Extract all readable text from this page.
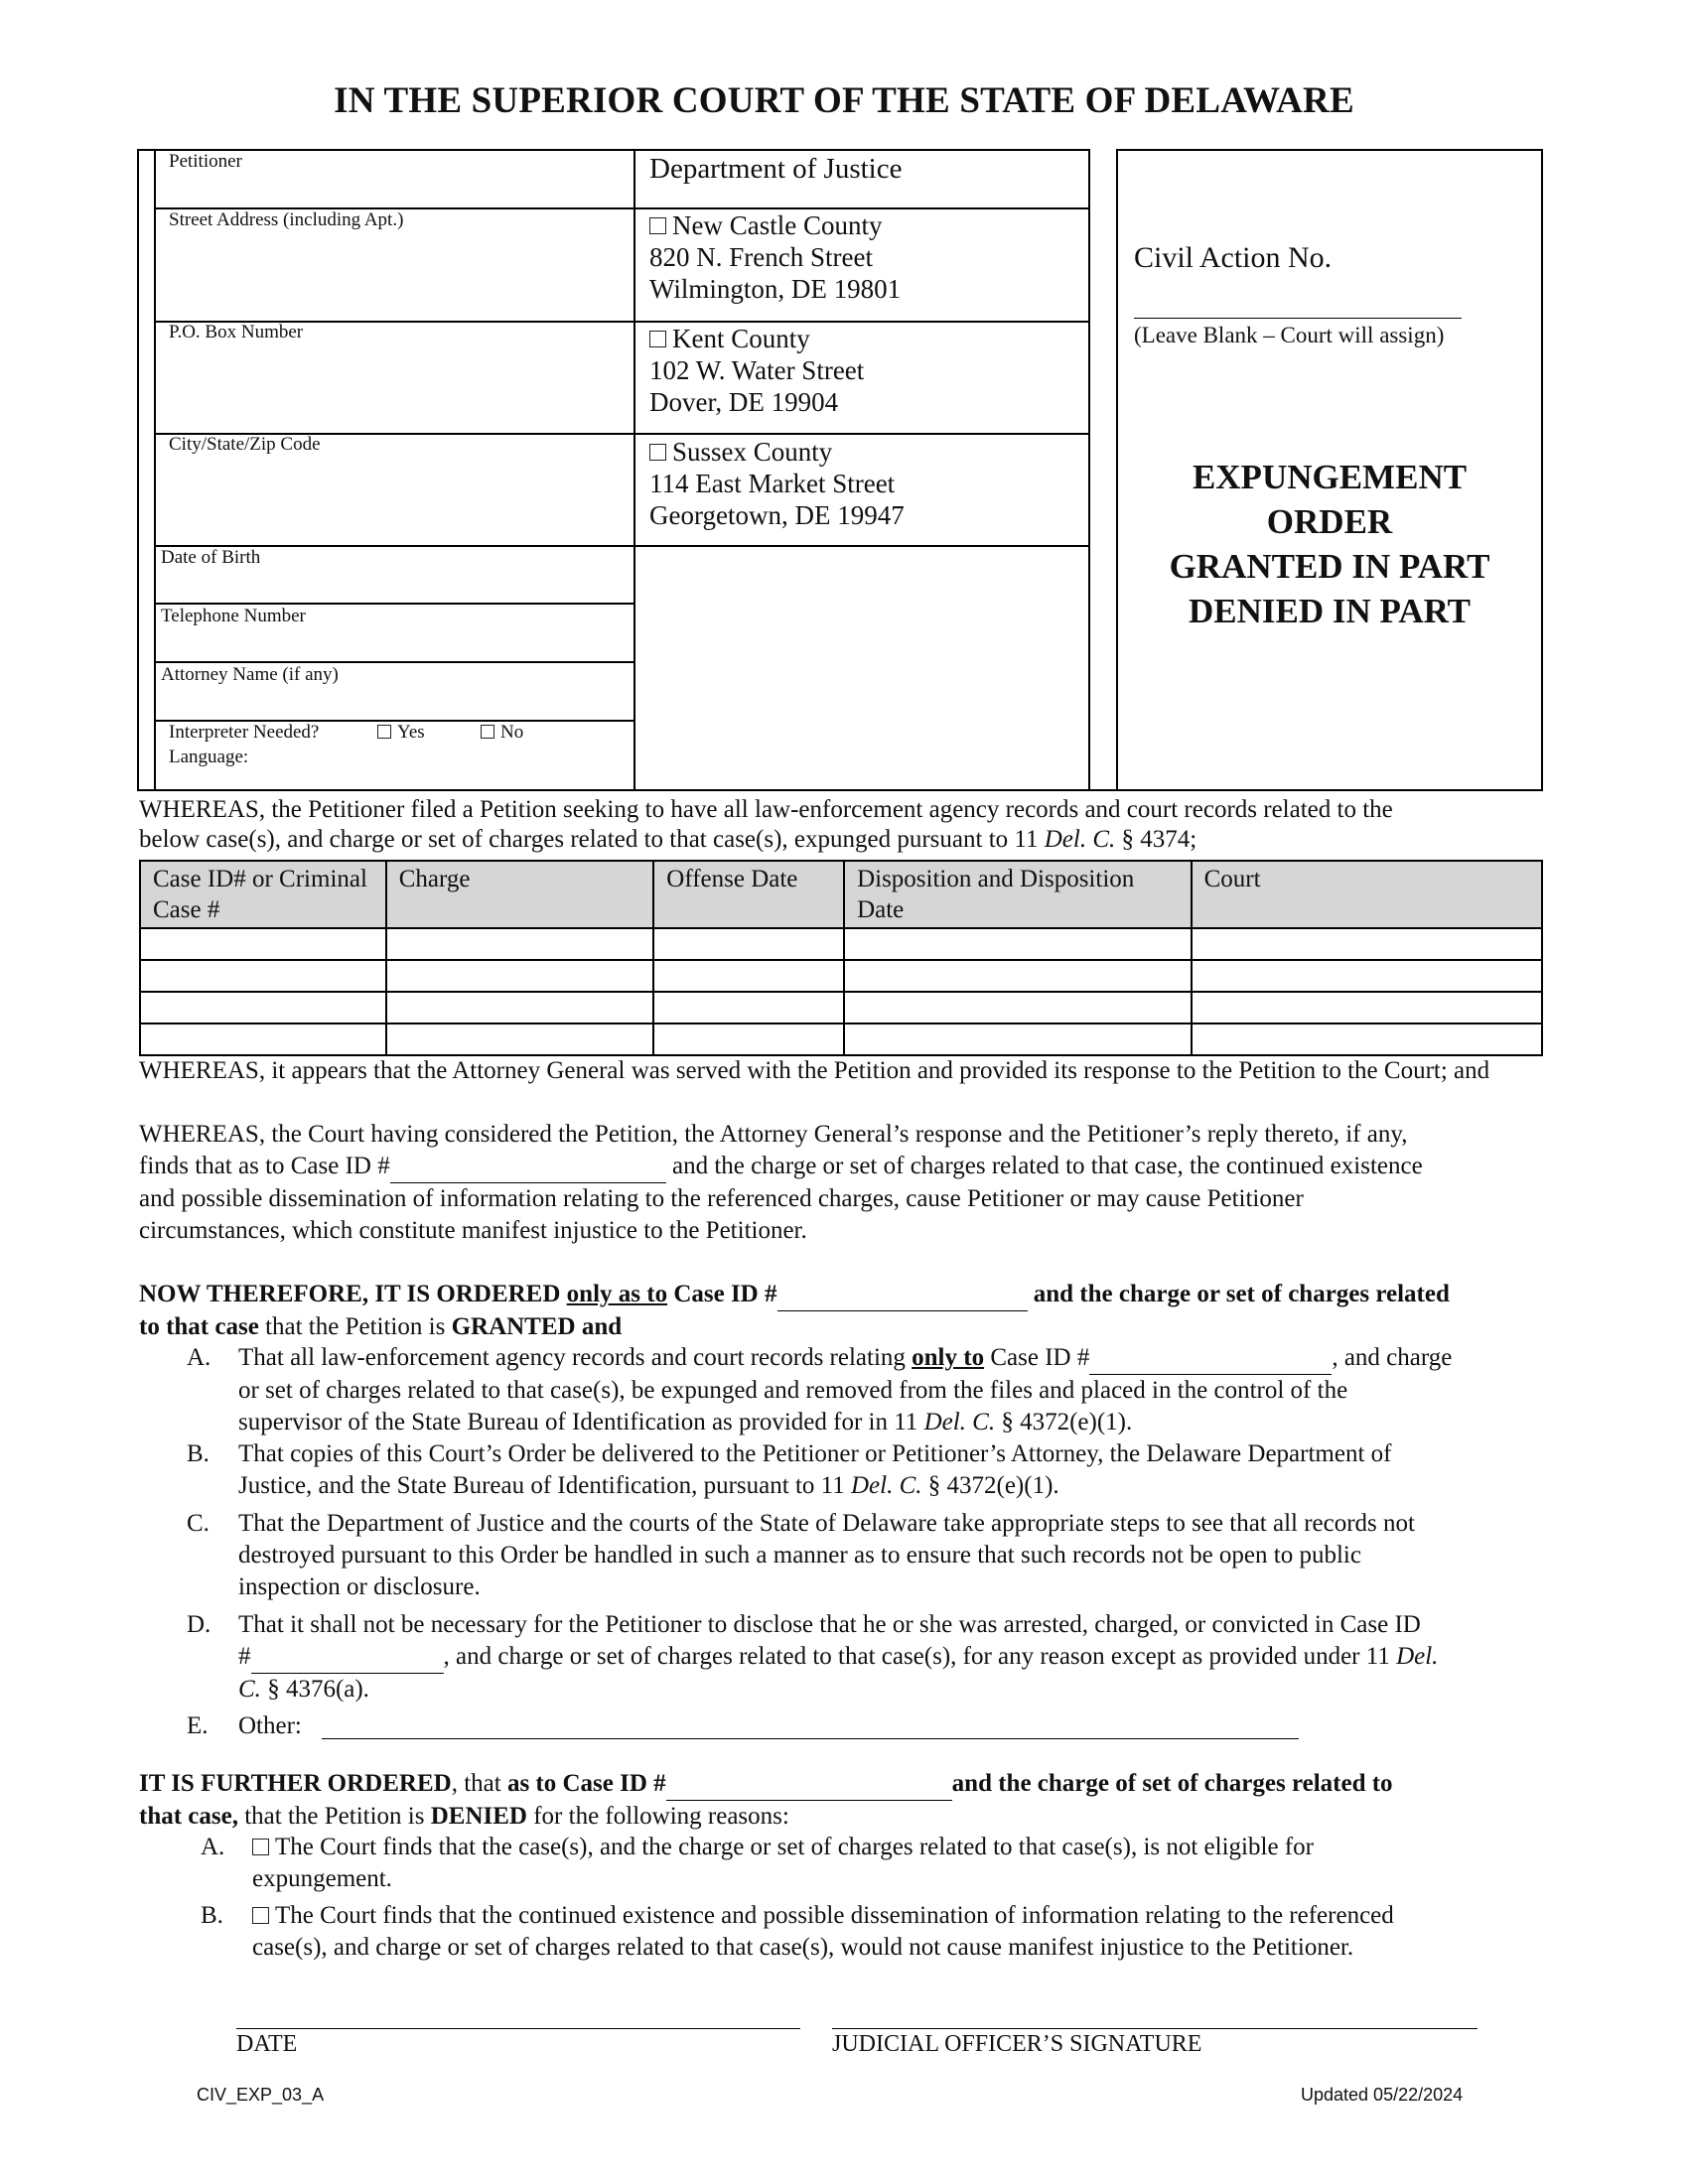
IN THE SUPERIOR COURT OF THE STATE OF DELAWARE
Petitioner
Street Address (including Apt.)
P.O. Box Number
City/State/Zip Code
Date of Birth
Telephone Number
Attorney Name (if any)
Interpreter Needed?	Yes	No
Language:
Department of Justice
New Castle County
820 N. French Street
Wilmington, DE 19801
Kent County
102 W. Water Street
Dover, DE 19904
Sussex County
114 East Market Street
Georgetown, DE 19947
Civil Action No.
(Leave Blank – Court will assign)
EXPUNGEMENT
ORDER
GRANTED IN PART
DENIED IN PART
WHEREAS, the Petitioner filed a Petition seeking to have all law-enforcement agency records and court records related to the
below case(s), and charge or set of charges related to that case(s), expunged pursuant to 11 Del. C. § 4374;
Case ID# or Criminal Case #	Charge	Offense Date	Disposition and Disposition Date	Court

WHEREAS, it appears that the Attorney General was served with the Petition and provided its response to the Petition to the Court; and
WHEREAS, the Court having considered the Petition, the Attorney General’s response and the Petitioner’s reply thereto, if any,
finds that as to Case ID #	and the charge or set of charges related to that case, the continued existence
and possible dissemination of information relating to the referenced charges, cause Petitioner or may cause Petitioner
circumstances, which constitute manifest injustice to the Petitioner.
NOW THEREFORE, IT IS ORDERED only as to Case ID #	and the charge or set of charges related
to that case that the Petition is GRANTED and
A. That all law-enforcement agency records and court records relating only to Case ID #	, and charge
or set of charges related to that case(s), be expunged and removed from the files and placed in the control of the
supervisor of the State Bureau of Identification as provided for in 11 Del. C. § 4372(e)(1).
B. That copies of this Court’s Order be delivered to the Petitioner or Petitioner’s Attorney, the Delaware Department of
Justice, and the State Bureau of Identification, pursuant to 11 Del. C. § 4372(e)(1).
C. That the Department of Justice and the courts of the State of Delaware take appropriate steps to see that all records not
destroyed pursuant to this Order be handled in such a manner as to ensure that such records not be open to public
inspection or disclosure.
D. That it shall not be necessary for the Petitioner to disclose that he or she was arrested, charged, or convicted in Case ID
#	, and charge or set of charges related to that case(s), for any reason except as provided under 11 Del.
C. § 4376(a).
E. Other:
IT IS FURTHER ORDERED, that as to Case ID #	and the charge of set of charges related to
that case, that the Petition is DENIED for the following reasons:
A.	The Court finds that the case(s), and the charge or set of charges related to that case(s), is not eligible for
expungement.
B.	The Court finds that the continued existence and possible dissemination of information relating to the referenced
case(s), and charge or set of charges related to that case(s), would not cause manifest injustice to the Petitioner.
DATE	JUDICIAL OFFICER’S SIGNATURE
CIV_EXP_03_A	Updated 05/22/2024
